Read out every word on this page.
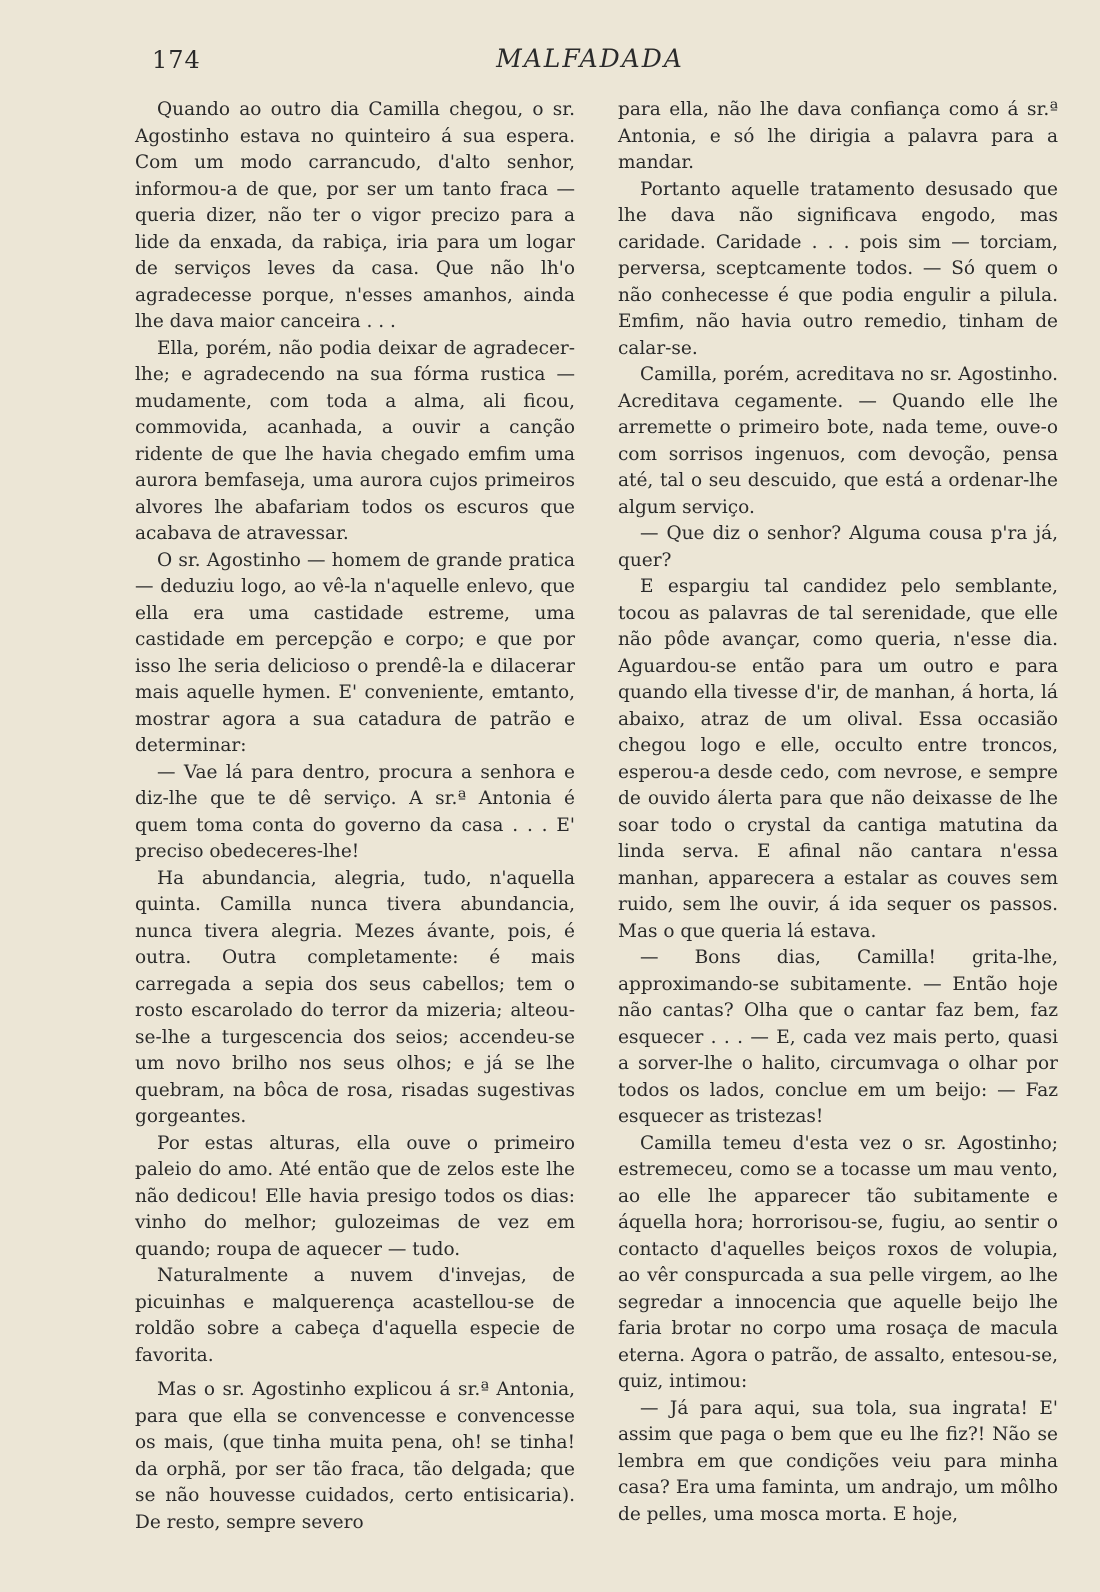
174	MALFADADA

Quando ao outro dia Camilla chegou, o sr. Agostinho estava no quinteiro á sua espera. Com um modo carrancudo, d'alto senhor, informou-a de que, por ser um tanto fraca — queria dizer, não ter o vigor precizo para a lide da enxada, da rabiça, iria para um logar de serviços leves da casa. Que não lh'o agradecesse porque, n'esses amanhos, ainda lhe dava maior canceira . . .

Ella, porém, não podia deixar de agradecer-lhe; e agradecendo na sua fórma rustica — mudamente, com toda a alma, ali ficou, commovida, acanhada, a ouvir a canção ridente de que lhe havia chegado emfim uma aurora bemfaseja, uma aurora cujos primeiros alvores lhe abafariam todos os escuros que acabava de atravessar.

O sr. Agostinho — homem de grande pratica — deduziu logo, ao vê-la n'aquelle enlevo, que ella era uma castidade estreme, uma castidade em percepção e corpo; e que por isso lhe seria delicioso o prendê-la e dilacerar mais aquelle hymen. E' conveniente, emtanto, mostrar agora a sua catadura de patrão e determinar:

— Vae lá para dentro, procura a senhora e diz-lhe que te dê serviço. A sr.ª Antonia é quem toma conta do governo da casa . . . E' preciso obedeceres-lhe!

Ha abundancia, alegria, tudo, n'aquella quinta. Camilla nunca tivera abundancia, nunca tivera alegria. Mezes ávante, pois, é outra. Outra completamente: é mais carregada a sepia dos seus cabellos; tem o rosto escarolado do terror da mizeria; alteou-se-lhe a turgescencia dos seios; accendeu-se um novo brilho nos seus olhos; e já se lhe quebram, na bôca de rosa, risadas sugestivas gorgeantes.

Por estas alturas, ella ouve o primeiro paleio do amo. Até então que de zelos este lhe não dedicou! Elle havia presigo todos os dias: vinho do melhor; gulozeimas de vez em quando; roupa de aquecer — tudo.

Naturalmente a nuvem d'invejas, de picuinhas e malquerença acastellou-se de roldão sobre a cabeça d'aquella especie de favorita.

Mas o sr. Agostinho explicou á sr.ª Antonia, para que ella se convencesse e convencesse os mais, (que tinha muita pena, oh! se tinha! da orphã, por ser tão fraca, tão delgada; que se não houvesse cuidados, certo entisicaria). De resto, sempre severo

para ella, não lhe dava confiança como á sr.ª Antonia, e só lhe dirigia a palavra para a mandar.

Portanto aquelle tratamento desusado que lhe dava não significava engodo, mas caridade. Caridade . . . pois sim — torciam, perversa, sceptcamente todos. — Só quem o não conhecesse é que podia engulir a pilula. Emfim, não havia outro remedio, tinham de calar-se.

Camilla, porém, acreditava no sr. Agostinho. Acreditava cegamente. — Quando elle lhe arremette o primeiro bote, nada teme, ouve-o com sorrisos ingenuos, com devoção, pensa até, tal o seu descuido, que está a ordenar-lhe algum serviço.

— Que diz o senhor? Alguma cousa p'ra já, quer?

E espargiu tal candidez pelo semblante, tocou as palavras de tal serenidade, que elle não pôde avançar, como queria, n'esse dia. Aguardou-se então para um outro e para quando ella tivesse d'ir, de manhan, á horta, lá abaixo, atraz de um olival. Essa occasião chegou logo e elle, occulto entre troncos, esperou-a desde cedo, com nevrose, e sempre de ouvido álerta para que não deixasse de lhe soar todo o crystal da cantiga matutina da linda serva. E afinal não cantara n'essa manhan, apparecera a estalar as couves sem ruido, sem lhe ouvir, á ida sequer os passos. Mas o que queria lá estava.

— Bons dias, Camilla! grita-lhe, approximando-se subitamente. — Então hoje não cantas? Olha que o cantar faz bem, faz esquecer . . . — E, cada vez mais perto, quasi a sorver-lhe o halito, circumvaga o olhar por todos os lados, conclue em um beijo: — Faz esquecer as tristezas!

Camilla temeu d'esta vez o sr. Agostinho; estremeceu, como se a tocasse um mau vento, ao elle lhe apparecer tão subitamente e áquella hora; horrorisou-se, fugiu, ao sentir o contacto d'aquelles beiços roxos de volupia, ao vêr conspurcada a sua pelle virgem, ao lhe segredar a innocencia que aquelle beijo lhe faria brotar no corpo uma rosaça de macula eterna. Agora o patrão, de assalto, entesou-se, quiz, intimou:

— Já para aqui, sua tola, sua ingrata! E' assim que paga o bem que eu lhe fiz?! Não se lembra em que condições veiu para minha casa? Era uma faminta, um andrajo, um môlho de pelles, uma mosca morta. E hoje,
